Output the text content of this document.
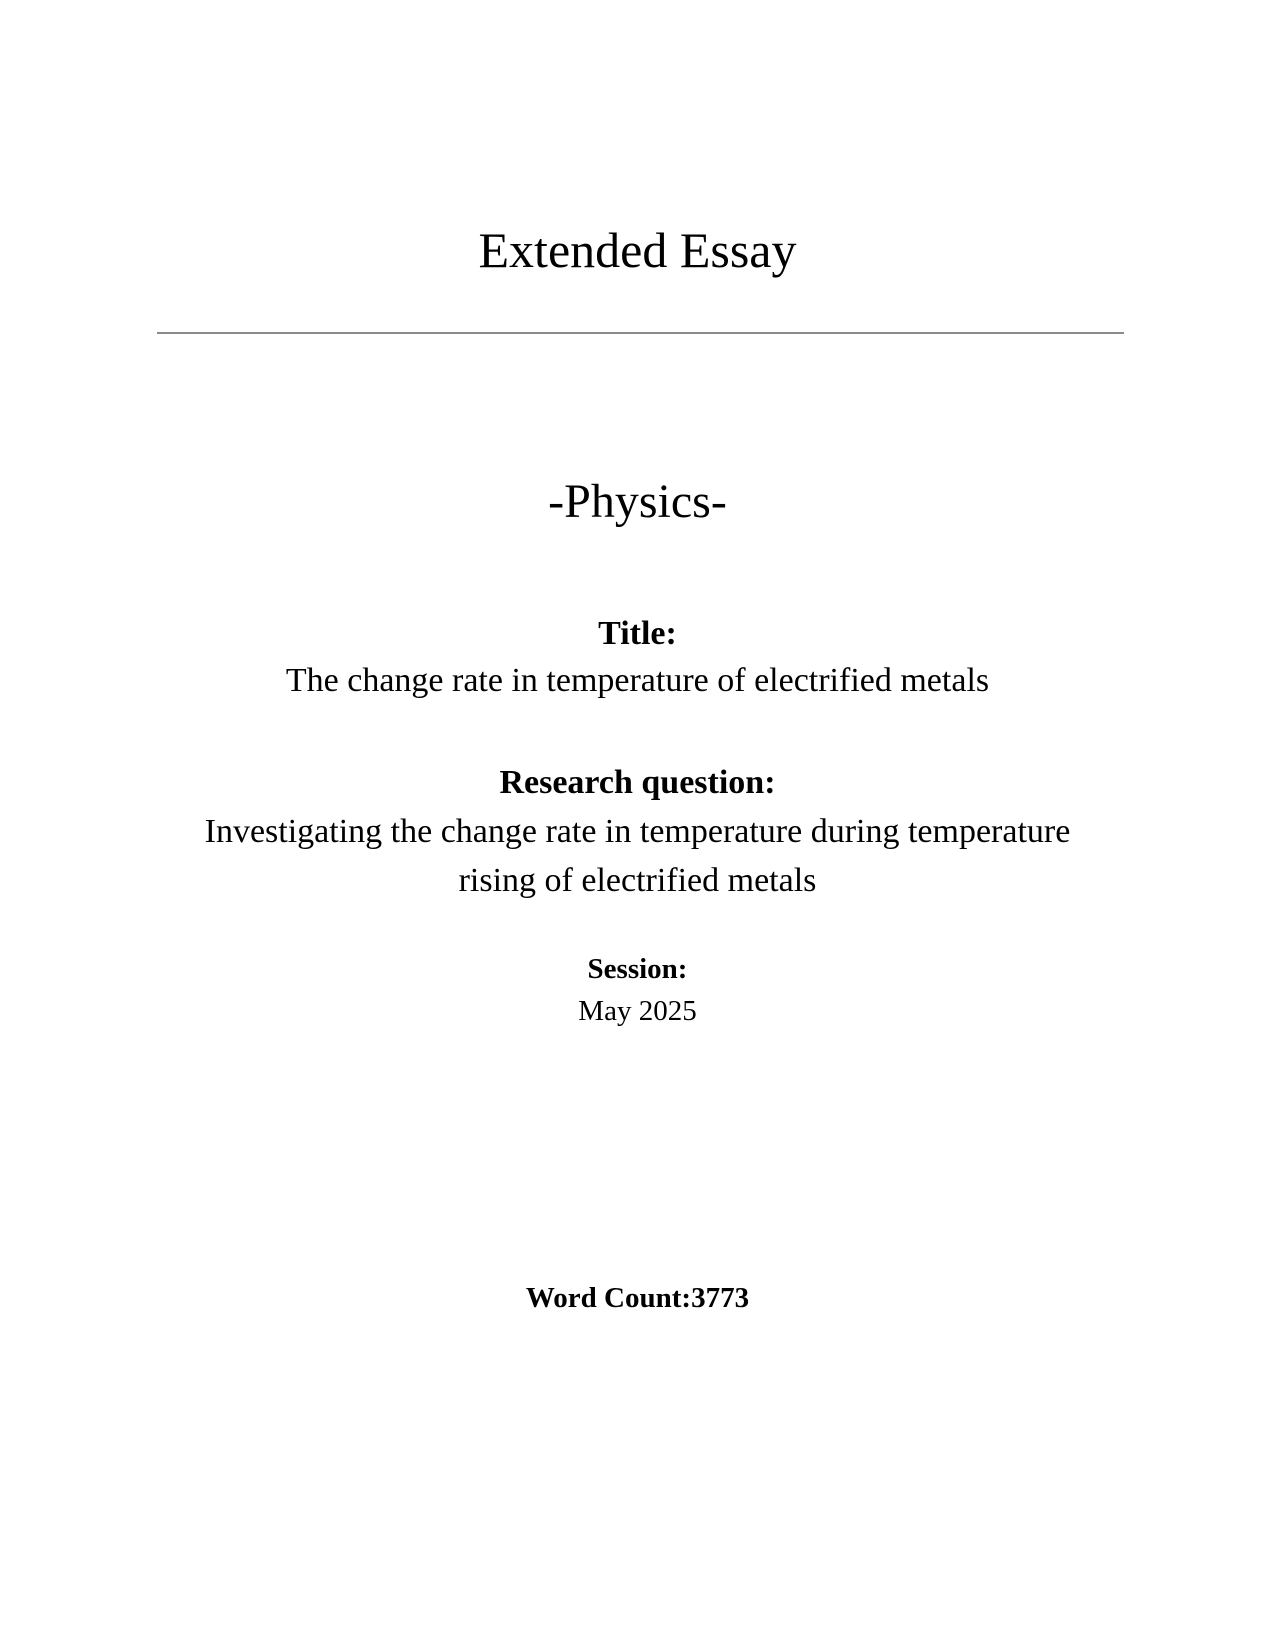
Extended Essay
-Physics-
Title:
The change rate in temperature of electrified metals
Research question:
Investigating the change rate in temperature during temperature
rising of electrified metals
Session:
May 2025
Word Count:3773
